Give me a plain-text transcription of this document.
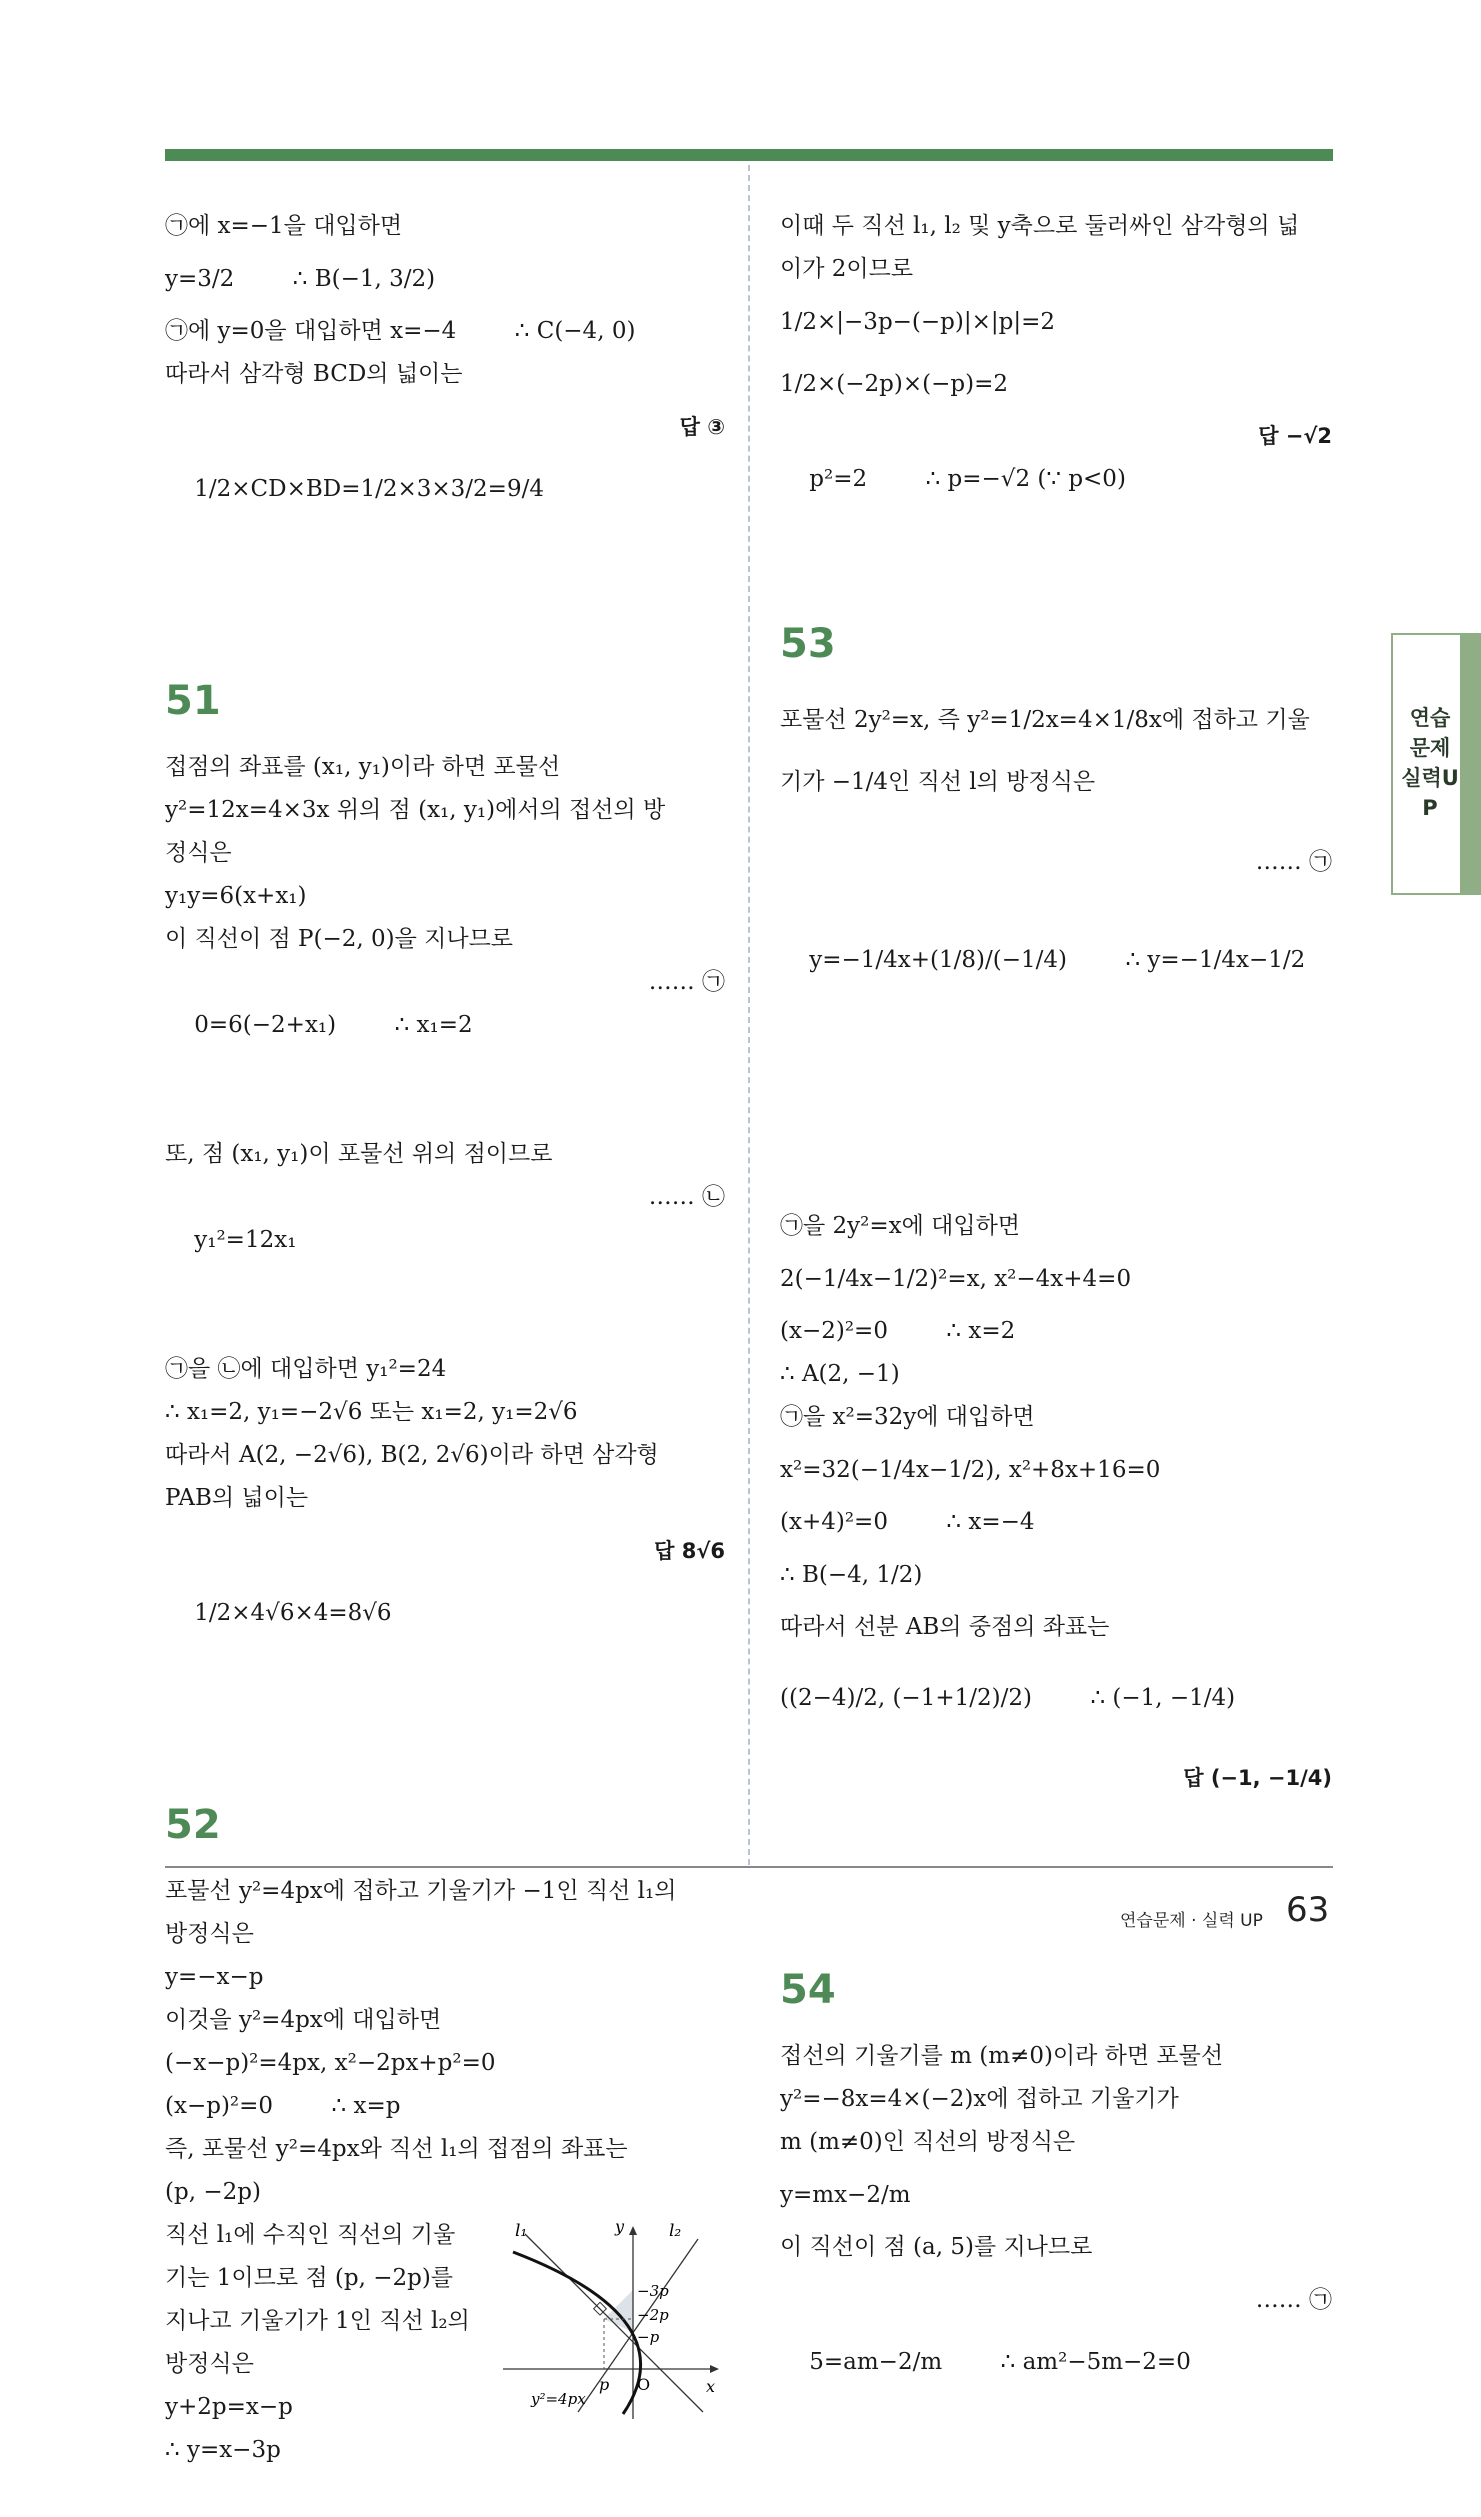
㉠에 x=−1을 대입하면
y=3/2        ∴ B(−1, 3/2)
㉠에 y=0을 대입하면 x=−4        ∴ C(−4, 0)
따라서 삼각형 BCD의 넓이는

1/2×CD×BD=1/2×3×3/2=9/4

답 ③

51
접점의 좌표를 (x₁, y₁)이라 하면 포물선
y²=12x=4×3x 위의 점 (x₁, y₁)에서의 접선의 방
정식은
y₁y=6(x+x₁)
이 직선이 점 P(−2, 0)을 지나므로

0=6(−2+x₁)        ∴ x₁=2

…… ㉠

또, 점 (x₁, y₁)이 포물선 위의 점이므로

y₁²=12x₁

…… ㉡

㉠을 ㉡에 대입하면 y₁²=24
∴ x₁=2, y₁=−2√6 또는 x₁=2, y₁=2√6
따라서 A(2, −2√6), B(2, 2√6)이라 하면 삼각형
PAB의 넓이는

1/2×4√6×4=8√6

답 8√6

52
포물선 y²=4px에 접하고 기울기가 −1인 직선 l₁의
방정식은
y=−x−p
이것을 y²=4px에 대입하면
(−x−p)²=4px, x²−2px+p²=0
(x−p)²=0        ∴ x=p
즉, 포물선 y²=4px와 직선 l₁의 접점의 좌표는
(p, −2p)
직선 l₁에 수직인 직선의 기울
기는 1이므로 점 (p, −2p)를
지나고 기울기가 1인 직선 l₂의
방정식은
y+2p=x−p
∴ y=x−3p
l₁	l₂
y
x
O
p
−3p
−2p
−p
y²=4px
이때 두 직선 l₁, l₂ 및 y축으로 둘러싸인 삼각형의 넓
이가 2이므로
1/2×|−3p−(−p)|×|p|=2
1/2×(−2p)×(−p)=2

p²=2        ∴ p=−√2 (∵ p<0)

답 −√2

53
포물선 2y²=x, 즉 y²=1/2x=4×1/8x에 접하고 기울
기가 −1/4인 직선 l의 방정식은

y=−1/4x+(1/8)/(−1/4)        ∴ y=−1/4x−1/2

…… ㉠

㉠을 2y²=x에 대입하면
2(−1/4x−1/2)²=x, x²−4x+4=0
(x−2)²=0        ∴ x=2
∴ A(2, −1)
㉠을 x²=32y에 대입하면
x²=32(−1/4x−1/2), x²+8x+16=0
(x+4)²=0        ∴ x=−4
∴ B(−4, 1/2)
따라서 선분 AB의 중점의 좌표는
((2−4)/2, (−1+1/2)/2)        ∴ (−1, −1/4)

답 (−1, −1/4)

54
접선의 기울기를 m (m≠0)이라 하면 포물선
y²=−8x=4×(−2)x에 접하고 기울기가
m (m≠0)인 직선의 방정식은
y=mx−2/m
이 직선이 점 (a, 5)를 지나므로

5=am−2/m        ∴ am²−5m−2=0

…… ㉠

연습문제 실력UP
연습문제 · 실력 UP 63
